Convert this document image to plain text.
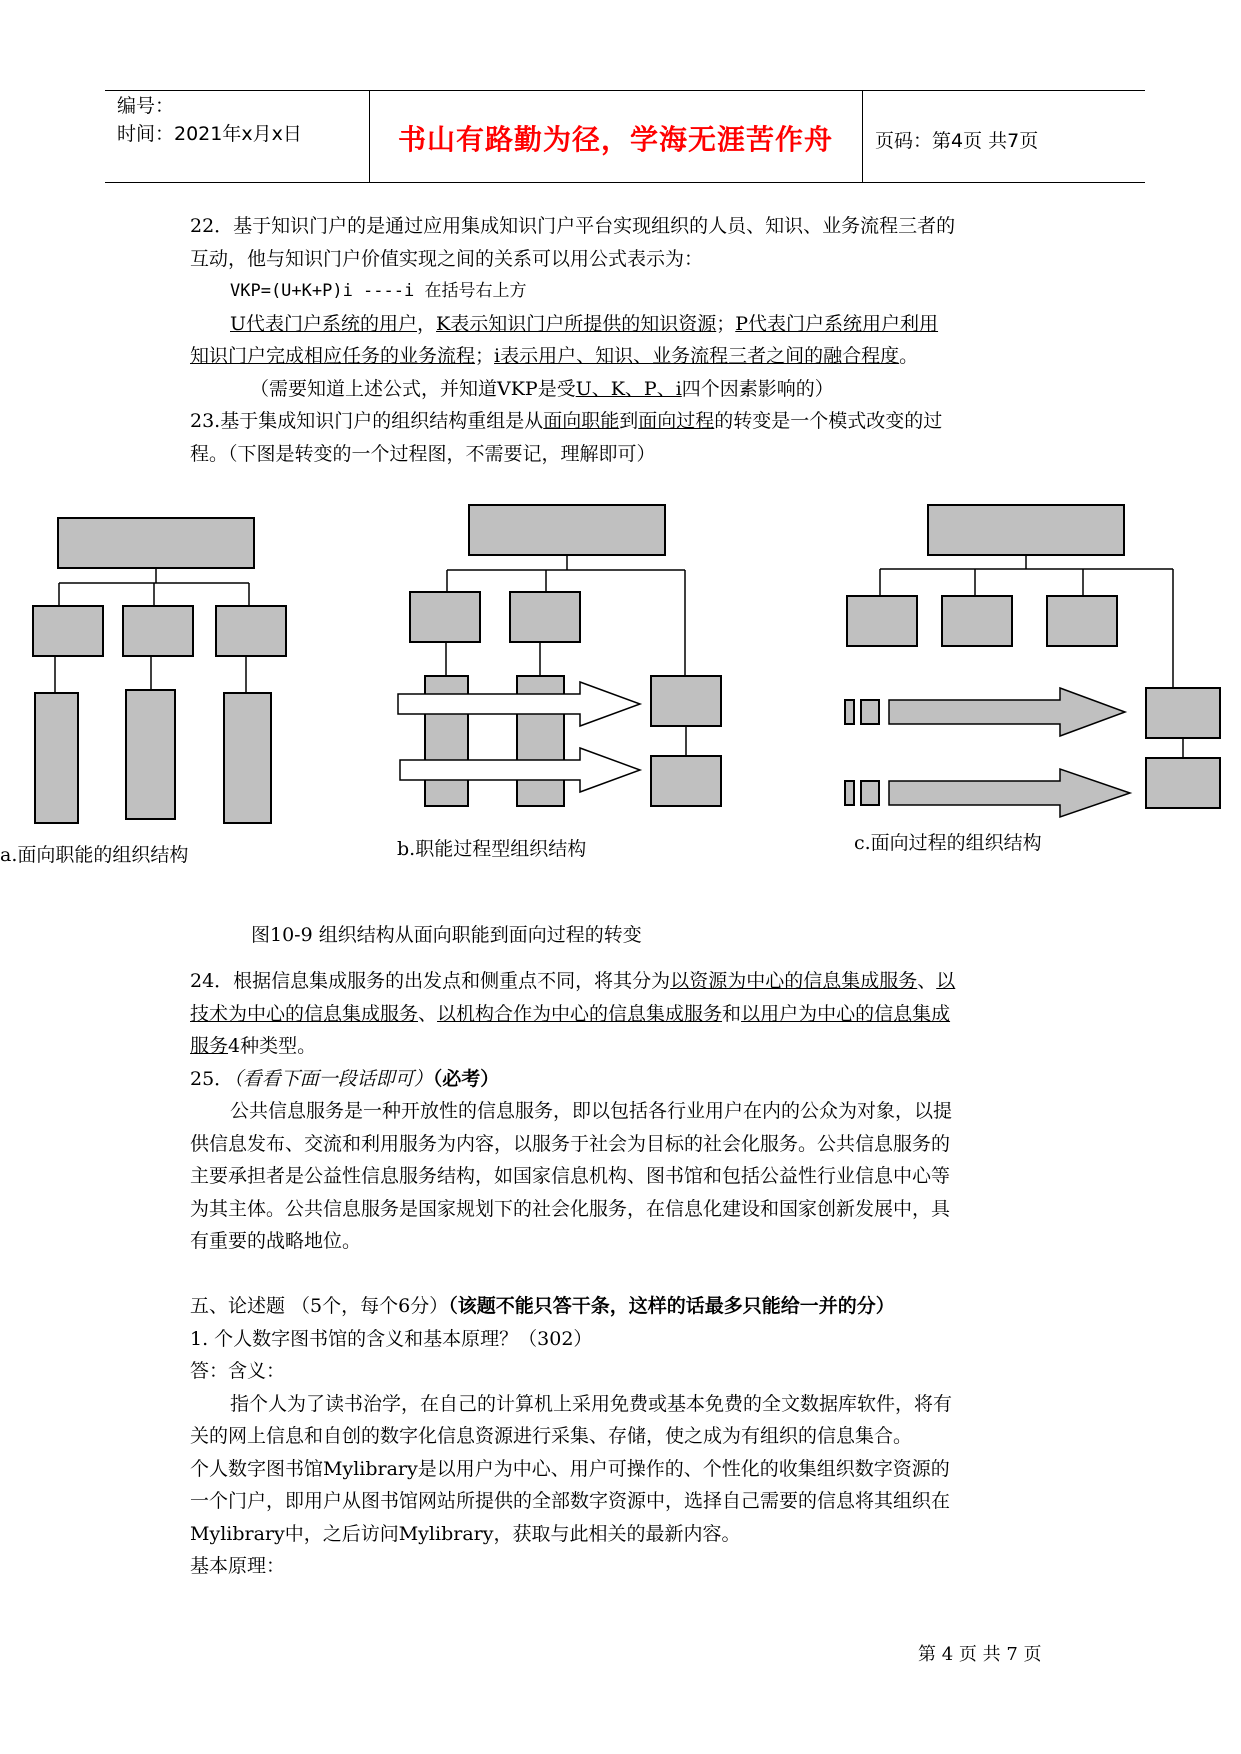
编号：
时间：2021年x月x日	书山有路勤为径，学海无涯苦作舟	页码：第4页 共7页

22．基于知识门户的是通过应用集成知识门户平台实现组织的人员、知识、业务流程三者的

互动，他与知识门户价值实现之间的关系可以用公式表示为：

VKP=(U+K+P)i ----i 在括号右上方

U代表门户系统的用户，K表示知识门户所提供的知识资源；P代表门户系统用户利用

知识门户完成相应任务的业务流程；i表示用户、知识、业务流程三者之间的融合程度。

（需要知道上述公式，并知道VKP是受U、K、P、i四个因素影响的）

23.基于集成知识门户的组织结构重组是从面向职能到面向过程的转变是一个模式改变的过

程。（下图是转变的一个过程图，不需要记，理解即可）

a.面向职能的组织结构	b.职能过程型组织结构	c.面向过程的组织结构
图10-9 组织结构从面向职能到面向过程的转变

24．根据信息集成服务的出发点和侧重点不同，将其分为以资源为中心的信息集成服务、以

技术为中心的信息集成服务、以机构合作为中心的信息集成服务和以用户为中心的信息集成

服务4种类型。

25．（看看下面一段话即可）（必考）

公共信息服务是一种开放性的信息服务，即以包括各行业用户在内的公众为对象，以提

供信息发布、交流和利用服务为内容，以服务于社会为目标的社会化服务。公共信息服务的

主要承担者是公益性信息服务结构，如国家信息机构、图书馆和包括公益性行业信息中心等

为其主体。公共信息服务是国家规划下的社会化服务，在信息化建设和国家创新发展中，具

有重要的战略地位。

五、论述题 （5个，每个6分）（该题不能只答干条，这样的话最多只能给一并的分）

1. 个人数字图书馆的含义和基本原理？（302）

答：含义：

指个人为了读书治学，在自己的计算机上采用免费或基本免费的全文数据库软件，将有

关的网上信息和自创的数字化信息资源进行采集、存储，使之成为有组织的信息集合。

个人数字图书馆Mylibrary是以用户为中心、用户可操作的、个性化的收集组织数字资源的

一个门户，即用户从图书馆网站所提供的全部数字资源中，选择自己需要的信息将其组织在

Mylibrary中，之后访问Mylibrary，获取与此相关的最新内容。

基本原理：

第 4 页 共 7 页
